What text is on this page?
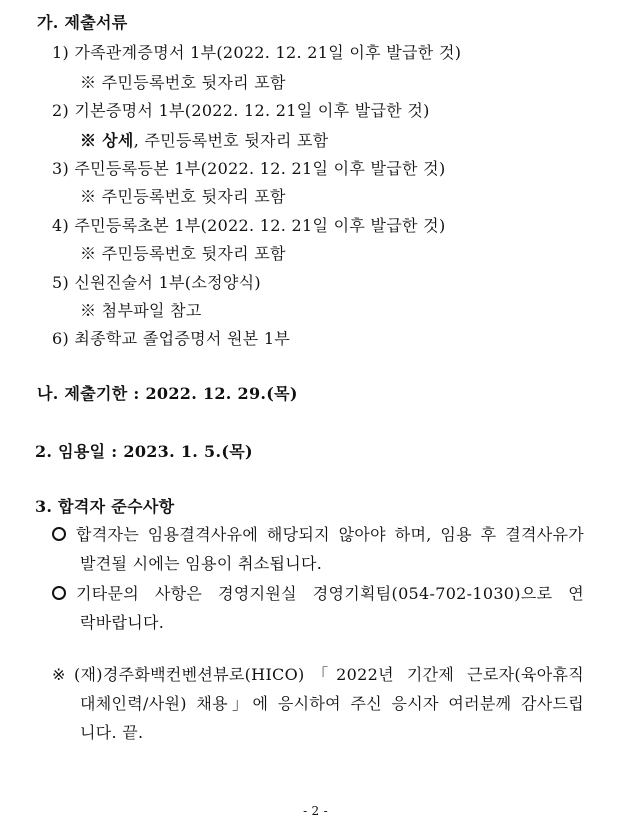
가. 제출서류
1) 가족관계증명서 1부(2022. 12. 21일 이후 발급한 것)
※ 주민등록번호 뒷자리 포함
2) 기본증명서 1부(2022. 12. 21일 이후 발급한 것)
※ 상세, 주민등록번호 뒷자리 포함
3) 주민등록등본 1부(2022. 12. 21일 이후 발급한 것)
※ 주민등록번호 뒷자리 포함
4) 주민등록초본 1부(2022. 12. 21일 이후 발급한 것)
※ 주민등록번호 뒷자리 포함
5) 신원진술서 1부(소정양식)
※ 첨부파일 참고
6) 최종학교 졸업증명서 원본 1부
나. 제출기한 : 2022. 12. 29.(목)
2. 임용일 : 2023. 1. 5.(목)
3. 합격자 준수사항
합격자는 임용결격사유에 해당되지 않아야 하며, 임용 후 결격사유가
발견될 시에는 임용이 취소됩니다.
기타문의 사항은 경영지원실 경영기획팀(054-702-1030)으로 연
락바랍니다.
※ (재)경주화백컨벤션뷰로(HICO)「2022년 기간제 근로자(육아휴직
대체인력/사원) 채용」에 응시하여 주신 응시자 여러분께 감사드립
니다. 끝.
- 2 -
